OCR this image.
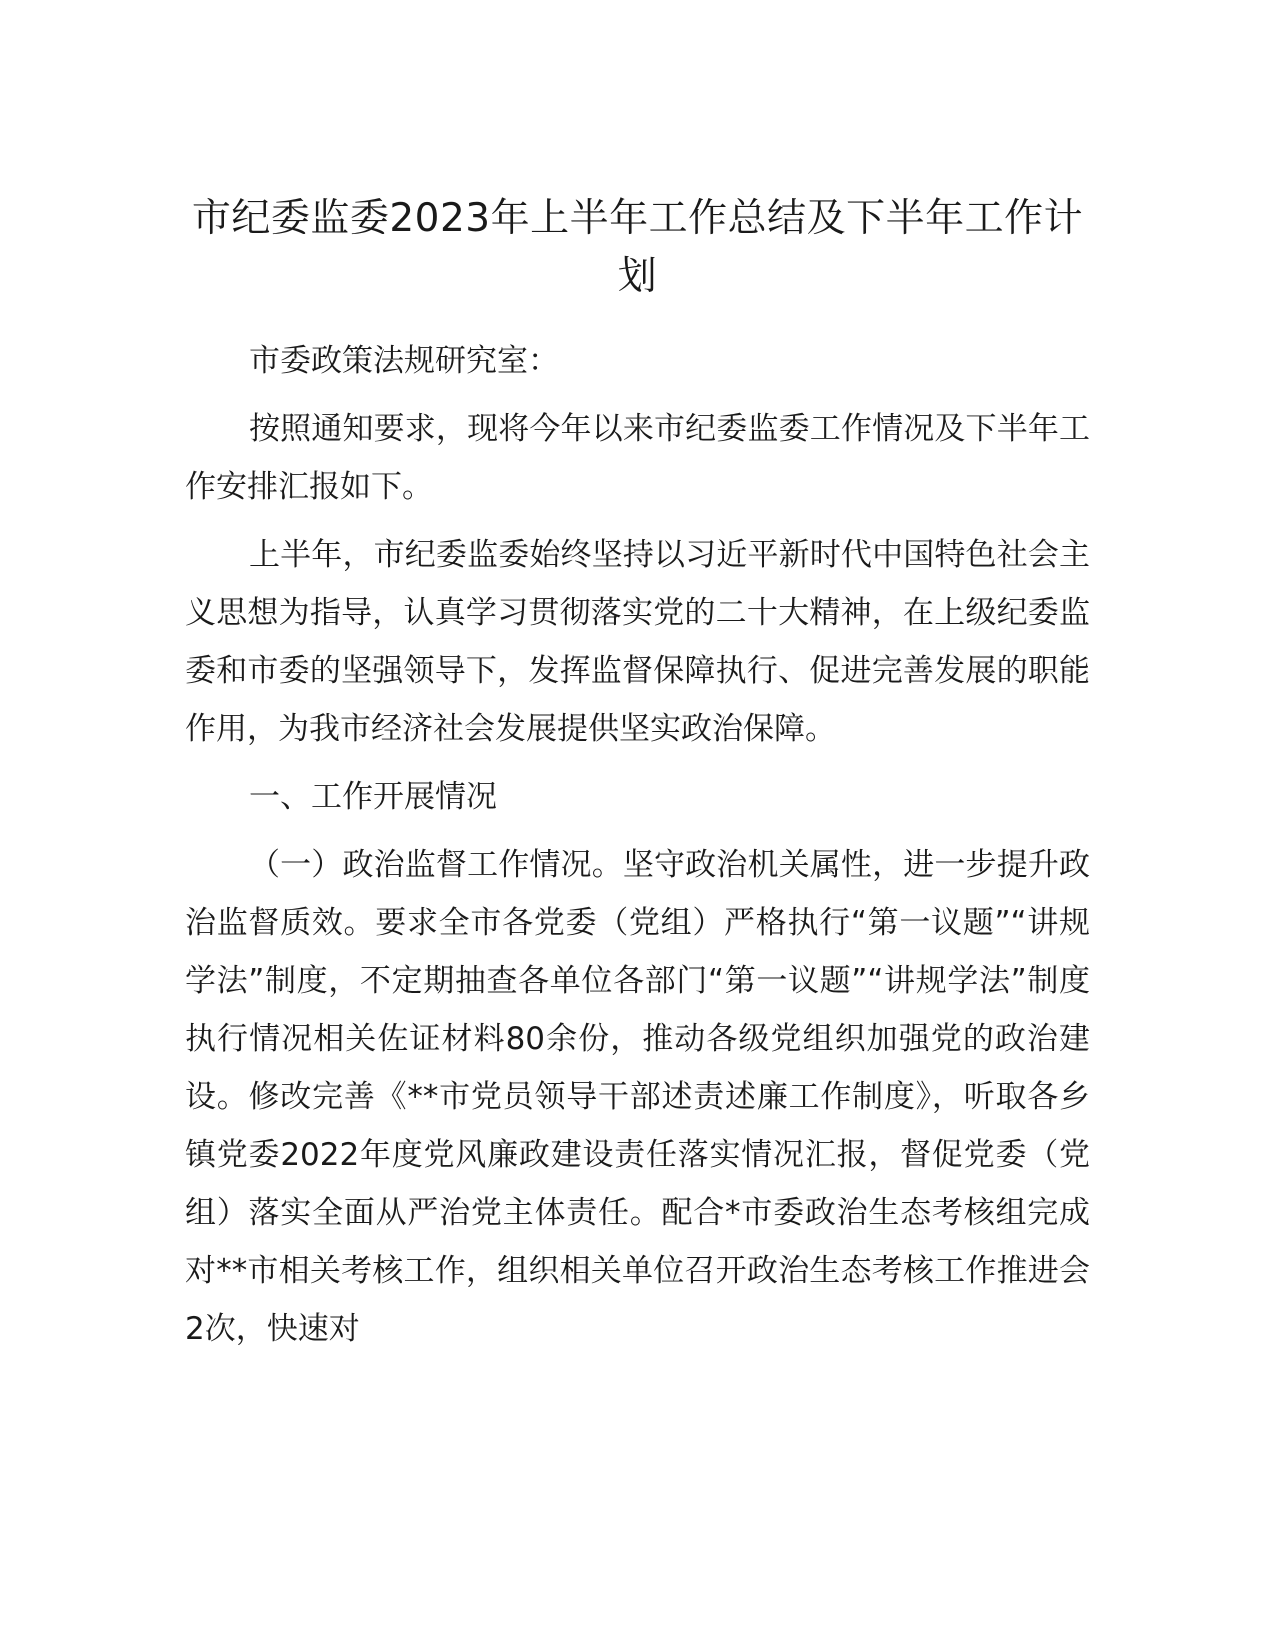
市纪委监委2023年上半年工作总结及下半年工作计划

市委政策法规研究室：

按照通知要求，现将今年以来市纪委监委工作情况及下半年工作安排汇报如下。

上半年，市纪委监委始终坚持以习近平新时代中国特色社会主义思想为指导，认真学习贯彻落实党的二十大精神，在上级纪委监委和市委的坚强领导下，发挥监督保障执行、促进完善发展的职能作用，为我市经济社会发展提供坚实政治保障。

一、工作开展情况

（一）政治监督工作情况。坚守政治机关属性，进一步提升政治监督质效。要求全市各党委（党组）严格执行“第一议题”“讲规学法”制度，不定期抽查各单位各部门“第一议题”“讲规学法”制度执行情况相关佐证材料80余份，推动各级党组织加强党的政治建设。修改完善《**市党员领导干部述责述廉工作制度》，听取各乡镇党委2022年度党风廉政建设责任落实情况汇报，督促党委（党组）落实全面从严治党主体责任。配合*市委政治生态考核组完成对**市相关考核工作，组织相关单位召开政治生态考核工作推进会2次，快速对
